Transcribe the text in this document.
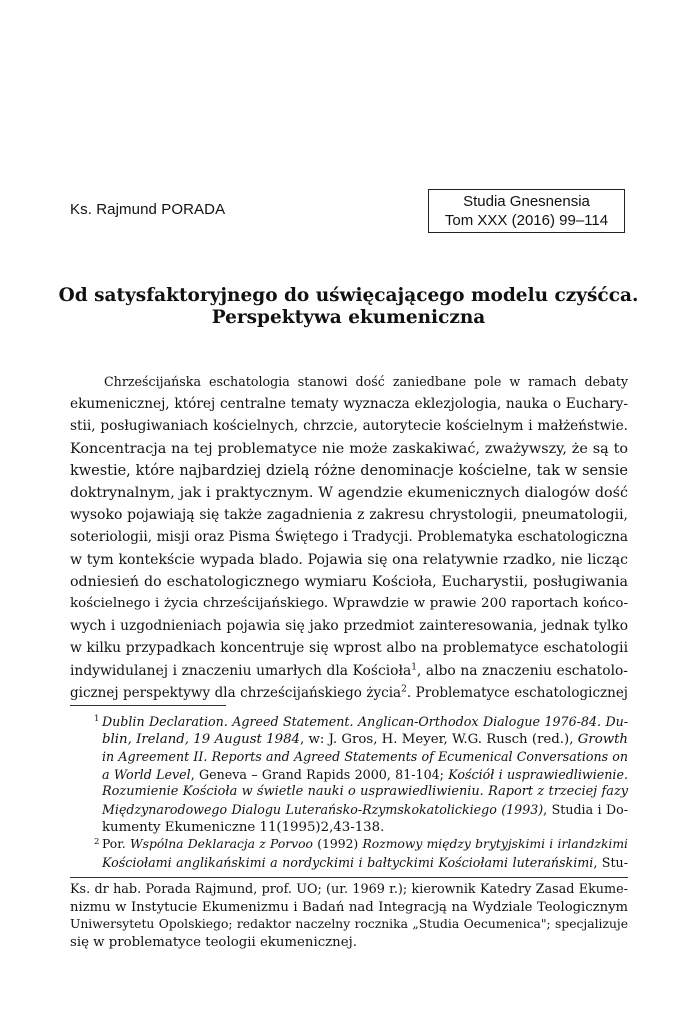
Ks. Rajmund PORADA	Studia Gnesnensia
Tom XXX (2016) 99–114
Od satysfaktoryjnego do uświęcającego modelu czyśćca.
Perspektywa ekumeniczna
Chrześcijańska eschatologia stanowi dość zaniedbane pole w ramach debaty
ekumenicznej, której centralne tematy wyznacza eklezjologia, nauka o Euchary-
stii, posługiwaniach kościelnych, chrzcie, autorytecie kościelnym i małżeństwie.
Koncentracja na tej problematyce nie może zaskakiwać, zważywszy, że są to
kwestie, które najbardziej dzielą różne denominacje kościelne, tak w sensie
doktrynalnym, jak i praktycznym. W agendzie ekumenicznych dialogów dość
wysoko pojawiają się także zagadnienia z zakresu chrystologii, pneumatologii,
soteriologii, misji oraz Pisma Świętego i Tradycji. Problematyka eschatologiczna
w tym kontekście wypada blado. Pojawia się ona relatywnie rzadko, nie licząc
odniesień do eschatologicznego wymiaru Kościoła, Eucharystii, posługiwania
kościelnego i życia chrześcijańskiego. Wprawdzie w prawie 200 raportach końco-
wych i uzgodnieniach pojawia się jako przedmiot zainteresowania, jednak tylko
w kilku przypadkach koncentruje się wprost albo na problematyce eschatologii
indywidulanej i znaczeniu umarłych dla Kościoła$^1$, albo na znaczeniu eschatolo-
gicznej perspektywy dla chrześcijańskiego życia$^2$. Problematyce eschatologicznej
1 Dublin Declaration. Agreed Statement. Anglican-Orthodox Dialogue 1976-84. Du-
blin, Ireland, 19 August 1984, w: J. Gros, H. Meyer, W.G. Rusch (red.), Growth
in Agreement II. Reports and Agreed Statements of Ecumenical Conversations on
a World Level, Geneva – Grand Rapids 2000, 81-104; Kościół i usprawiedliwienie.
Rozumienie Kościoła w świetle nauki o usprawiedliwieniu. Raport z trzeciej fazy
Międzynarodowego Dialogu Luterańsko-Rzymskokatolickiego (1993), Studia i Do-
kumenty Ekumeniczne 11(1995)2,43-138.
2 Por. Wspólna Deklaracja z Porvoo (1992) Rozmowy między brytyjskimi i irlandzkimi
Kościołami anglikańskimi a nordyckimi i bałtyckimi Kościołami luterańskimi, Stu-
Ks. dr hab. Porada Rajmund, prof. UO; (ur. 1969 r.); kierownik Katedry Zasad Ekume-
nizmu w Instytucie Ekumenizmu i Badań nad Integracją na Wydziale Teologicznym
Uniwersytetu Opolskiego; redaktor naczelny rocznika „Studia Oecumenica"; specjalizuje
się w problematyce teologii ekumenicznej.
